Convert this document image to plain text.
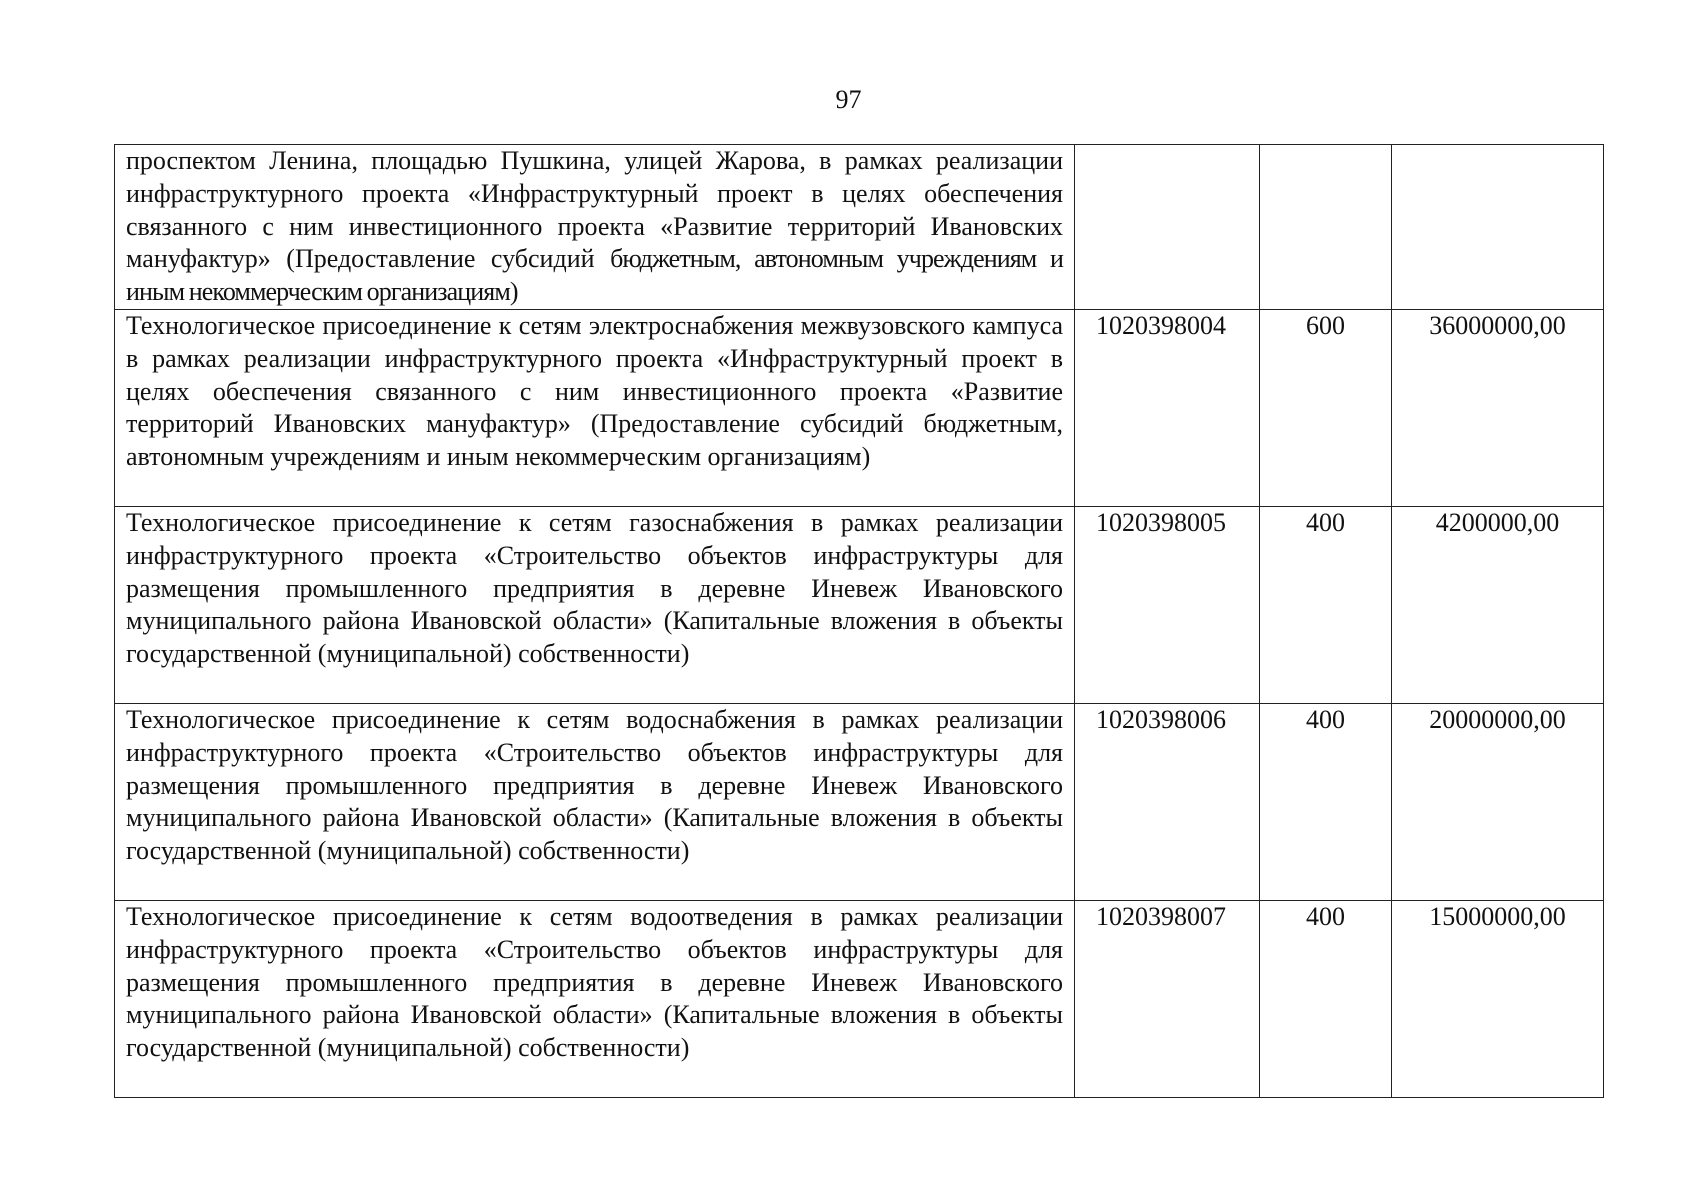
97
проспектом Ленина, площадью Пушкина, улицей Жарова, в рамках реализации инфраструктурного проекта «Инфраструктурный проект в целях обеспечения связанного с ним инвестиционного проекта «Развитие территорий Ивановских мануфактур» (Предоставление субсидий бюджетным, автономным учреждениям и иным некоммерческим организациям)			

Технологическое присоединение к сетям электроснабжения межвузовского кампуса в рамках реализации инфраструктурного проекта «Инфраструктурный проект в целях обеспечения связанного с ним инвестиционного проекта «Развитие территорий Ивановских мануфактур» (Предоставление субсидий бюджетным, автономным учреждениям и иным некоммерческим организациям)	1020398004	600	36000000,00

Технологическое присоединение к сетям газоснабжения в рамках реализации инфраструктурного проекта «Строительство объектов инфраструктуры для размещения промышленного предприятия в деревне Иневеж Ивановского муниципального района Ивановской области» (Капитальные вложения в объекты государственной (муниципальной) собственности)	1020398005	400	4200000,00

Технологическое присоединение к сетям водоснабжения в рамках реализации инфраструктурного проекта «Строительство объектов инфраструктуры для размещения промышленного предприятия в деревне Иневеж Ивановского муниципального района Ивановской области» (Капитальные вложения в объекты государственной (муниципальной) собственности)	1020398006	400	20000000,00

Технологическое присоединение к сетям водоотведения в рамках реализации инфраструктурного проекта «Строительство объектов инфраструктуры для размещения промышленного предприятия в деревне Иневеж Ивановского муниципального района Ивановской области» (Капитальные вложения в объекты государственной (муниципальной) собственности)	1020398007	400	15000000,00
